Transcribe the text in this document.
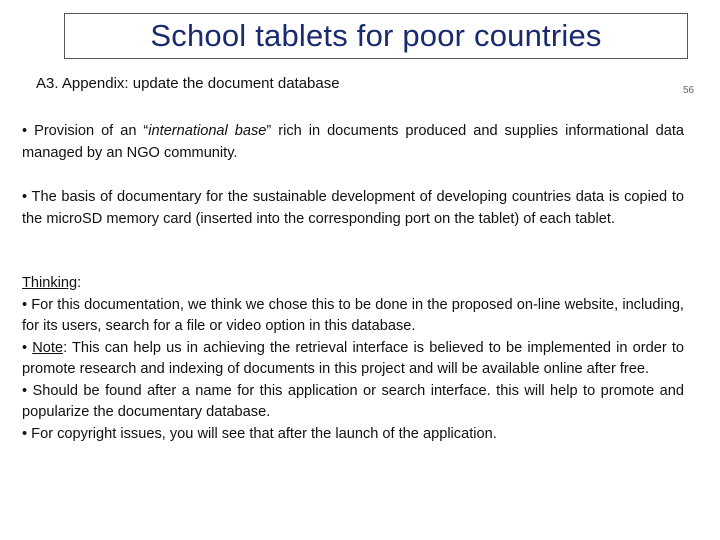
School tablets for poor countries
A3. Appendix: update the document database	56
• Provision of an “international base” rich in documents produced and supplies informational data managed by an NGO community.
• The basis of documentary for the sustainable development of developing countries data is copied to the microSD memory card (inserted into the corresponding port on the tablet) of each tablet.
Thinking:
• For this documentation, we think we chose this to be done in the proposed on-line website, including, for its users, search for a file or video option in this database.
• Note: This can help us in achieving the retrieval interface is believed to be implemented in order to promote research and indexing of documents in this project and will be available online after free.
• Should be found after a name for this application or search interface. this will help to promote and popularize the documentary database.
• For copyright issues, you will see that after the launch of the application.
